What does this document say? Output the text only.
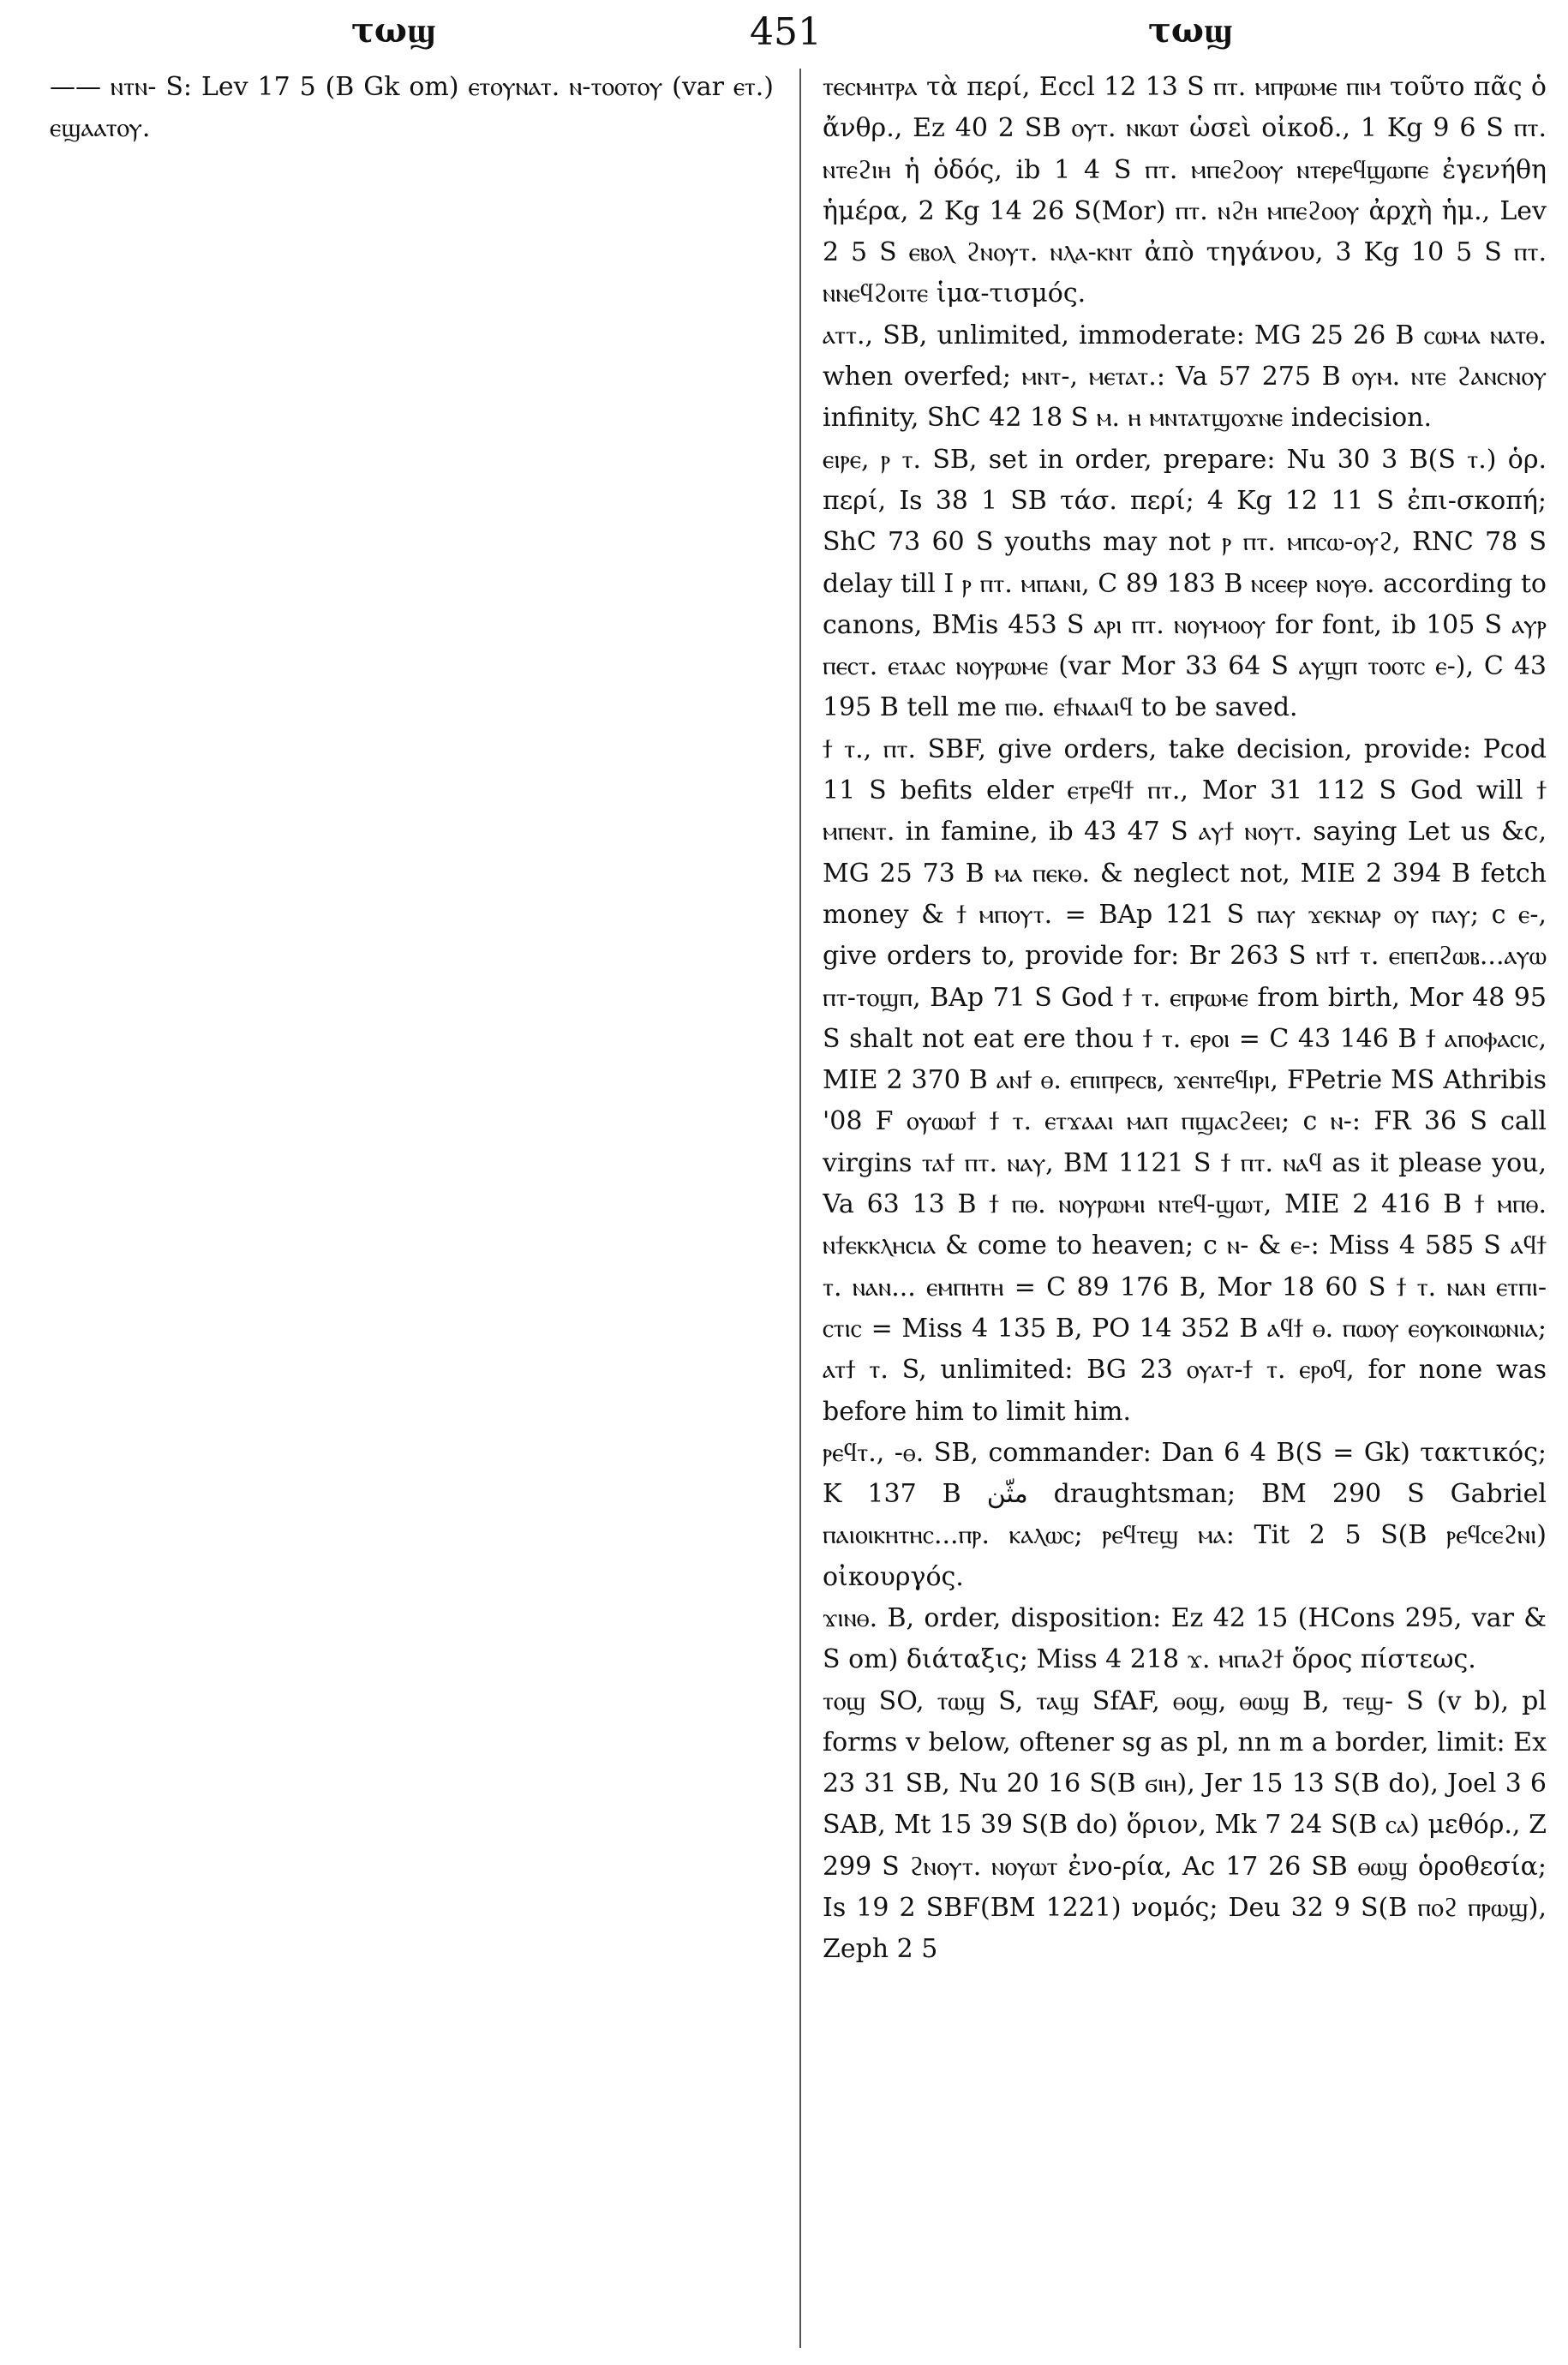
τωϣ	451	τωϣ

—— ⲛⲧⲛ- S: Lev 17 5 (B Gk om) ⲉⲧⲟⲩⲛⲁⲧ. ⲛ-ⲧⲟⲟⲧⲟⲩ (var ⲉⲧ.) ⲉϣⲁⲁⲧⲟⲩ.

ⲧⲉⲥⲙⲏⲧⲣⲁ τὰ περί, Eccl 12 13 S ⲡⲧ. ⲙⲡⲣⲱⲙⲉ ⲡⲓⲙ τοῦτο πᾶς ὁ ἄνθρ., Ez 40 2 SB ⲟⲩⲧ. ⲛⲕⲱⲧ ὡσεὶ οἰκοδ., 1 Kg 9 6 S ⲡⲧ. ⲛⲧⲉϩⲓⲏ ἡ ὁδός, ib 1 4 S ⲡⲧ. ⲙⲡⲉϩⲟⲟⲩ ⲛⲧⲉⲣⲉϥϣⲱⲡⲉ ἐγενήθη ἡμέρα, 2 Kg 14 26 S(Mor) ⲡⲧ. ⲛϩⲏ ⲙⲡⲉϩⲟⲟⲩ ἀρχὴ ἡμ., Lev 2 5 S ⲉⲃⲟⲗ ϩⲛⲟⲩⲧ. ⲛⲗⲁ-ⲕⲛⲧ ἀπὸ τηγάνου, 3 Kg 10 5 S ⲡⲧ. ⲛⲛⲉϥϩⲟⲓⲧⲉ ἱμα-τισμός.

ⲁⲧⲧ., SB, unlimited, immoderate: MG 25 26 B ⲥⲱⲙⲁ ⲛⲁⲧⲑ. when overfed; ⲙⲛⲧ-, ⲙⲉⲧⲁⲧ.: Va 57 275 B ⲟⲩⲙ. ⲛⲧⲉ ϩⲁⲛⲥⲛⲟⲩ infinity, ShC 42 18 S ⲙ. ⲏ ⲙⲛⲧⲁⲧϣⲟϫⲛⲉ indecision.

ⲉⲓⲣⲉ, ⲣ ⲧ. SB, set in order, prepare: Nu 30 3 B(S ⲧ.) ὁρ. περί, Is 38 1 SB τάσ. περί; 4 Kg 12 11 S ἐπι-σκοπή; ShC 73 60 S youths may not ⲣ ⲡⲧ. ⲙⲡⲥⲱ-ⲟⲩϩ, RNC 78 S delay till I ⲣ ⲡⲧ. ⲙⲡⲁⲛⲓ, C 89 183 B ⲛⲥⲉⲉⲣ ⲛⲟⲩⲑ. according to canons, BMis 453 S ⲁⲣⲓ ⲡⲧ. ⲛⲟⲩⲙⲟⲟⲩ for font, ib 105 S ⲁⲩⲣ ⲡⲉⲥⲧ. ⲉⲧⲁⲁⲥ ⲛⲟⲩⲣⲱⲙⲉ (var Mor 33 64 S ⲁⲩϣⲡ ⲧⲟⲟⲧⲥ ⲉ-), C 43 195 B tell me ⲡⲓⲑ. ⲉϯⲛⲁⲁⲓϥ to be saved.

ϯ ⲧ., ⲡⲧ. SBF, give orders, take decision, provide: Pcod 11 S befits elder ⲉⲧⲣⲉϥϯ ⲡⲧ., Mor 31 112 S God will ϯ ⲙⲡⲉⲛⲧ. in famine, ib 43 47 S ⲁⲩϯ ⲛⲟⲩⲧ. saying Let us &c, MG 25 73 B ⲙⲁ ⲡⲉⲕⲑ. & neglect not, MIE 2 394 B fetch money & ϯ ⲙⲡⲟⲩⲧ. = BAp 121 S ⲡⲁⲩ ϫⲉⲕⲛⲁⲣ ⲟⲩ ⲡⲁⲩ; c ⲉ-, give orders to, provide for: Br 263 S ⲛⲧϯ ⲧ. ⲉⲡⲉⲡϩⲱⲃ...ⲁⲩⲱ ⲡⲧ-ⲧⲟϣⲡ, BAp 71 S God ϯ ⲧ. ⲉⲡⲣⲱⲙⲉ from birth, Mor 48 95 S shalt not eat ere thou ϯ ⲧ. ⲉⲣⲟⲓ = C 43 146 B ϯ ⲁⲡⲟⲫⲁⲥⲓⲥ, MIE 2 370 B ⲁⲛϯ ⲑ. ⲉⲡⲓⲡⲣⲉⲥⲃ, ϫⲉⲛⲧⲉϥⲓⲣⲓ, FPetrie MS Athribis '08 F ⲟⲩⲱⲱϯ ϯ ⲧ. ⲉⲧϫⲁⲁⲓ ⲙⲁⲡ ⲡϣⲁⲥϩⲉⲉⲓ; c ⲛ-: FR 36 S call virgins ⲧⲁϯ ⲡⲧ. ⲛⲁⲩ, BM 1121 S ϯ ⲡⲧ. ⲛⲁϥ as it please you, Va 63 13 B ϯ ⲡⲑ. ⲛⲟⲩⲣⲱⲙⲓ ⲛⲧⲉϥ-ϣⲱⲧ, MIE 2 416 B ϯ ⲙⲡⲑ. ⲛϯⲉⲕⲕⲗⲏⲥⲓⲁ & come to heaven; c ⲛ- & ⲉ-: Miss 4 585 S ⲁϥϯ ⲧ. ⲛⲁⲛ... ⲉⲙⲡⲏⲧⲏ = C 89 176 B, Mor 18 60 S ϯ ⲧ. ⲛⲁⲛ ⲉⲧⲡⲓ-ⲥⲧⲓⲥ = Miss 4 135 B, PO 14 352 B ⲁϥϯ ⲑ. ⲡⲱⲟⲩ ⲉⲟⲩⲕⲟⲓⲛⲱⲛⲓⲁ; ⲁⲧϯ ⲧ. S, unlimited: BG 23 ⲟⲩⲁⲧ-ϯ ⲧ. ⲉⲣⲟϥ, for none was before him to limit him.

ⲣⲉϥⲧ., -ⲑ. SB, commander: Dan 6 4 B(S = Gk) τακτικός; K 137 B مثّن draughtsman; BM 290 S Gabriel ⲡⲁⲓⲟⲓⲕⲏⲧⲏⲥ...ⲡⲣ. ⲕⲁⲗⲱⲥ; ⲣⲉϥⲧⲉϣ ⲙⲁ: Tit 2 5 S(B ⲣⲉϥⲥⲉϩⲛⲓ) οἰκουργός.

ϫⲓⲛⲑ. B, order, disposition: Ez 42 15 (HCons 295, var & S om) διάταξις; Miss 4 218 ϫ. ⲙⲡⲁϩϯ ὅρος πίστεως.

ⲧⲟϣ SO, ⲧⲱϣ S, ⲧⲁϣ SfAF, ⲑⲟϣ, ⲑⲱϣ B, ⲧⲉϣ- S (v b), pl forms v below, oftener sg as pl, nn m a border, limit: Ex 23 31 SB, Nu 20 16 S(B ϭⲓⲏ), Jer 15 13 S(B do), Joel 3 6 SAB, Mt 15 39 S(B do) ὅριον, Mk 7 24 S(B ⲥⲁ) μεθόρ., Z 299 S ϩⲛⲟⲩⲧ. ⲛⲟⲩⲱⲧ ἐνο-ρία, Ac 17 26 SB ⲑⲱϣ ὁροθεσία; Is 19 2 SBF(BM 1221) νομός; Deu 32 9 S(B ⲡⲟϩ ⲡⲣⲱϣ), Zeph 2 5
